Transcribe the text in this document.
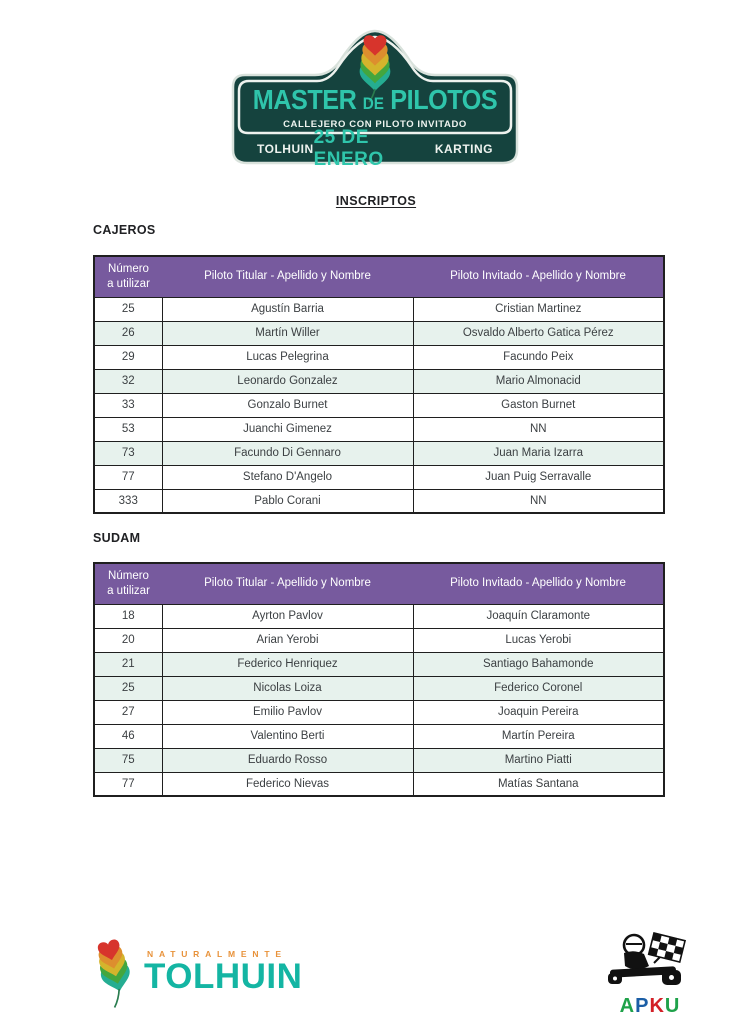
MASTER DE PILOTOS
CALLEJERO CON PILOTO INVITADO
TOLHUIN
25 DE ENERO	KARTING
INSCRIPTOS
CAJEROS
Número a utilizar	Piloto Titular - Apellido y Nombre	Piloto Invitado - Apellido y Nombre
25	Agustín Barria	Cristian Martinez
26	Martín Willer	Osvaldo Alberto Gatica Pérez
29	Lucas Pelegrina	Facundo Peix
32	Leonardo Gonzalez	Mario Almonacid
33	Gonzalo Burnet	Gaston Burnet
53	Juanchi Gimenez	NN
73	Facundo Di Gennaro	Juan Maria Izarra
77	Stefano D'Angelo	Juan Puig Serravalle
333	Pablo Corani	NN
SUDAM
Número a utilizar	Piloto Titular - Apellido y Nombre	Piloto Invitado - Apellido y Nombre
18	Ayrton Pavlov	Joaquín Claramonte
20	Arian Yerobi	Lucas Yerobi
21	Federico Henriquez	Santiago Bahamonde
25	Nicolas Loiza	Federico Coronel
27	Emilio Pavlov	Joaquin Pereira
46	Valentino Berti	Martín Pereira
75	Eduardo Rosso	Martino Piatti
77	Federico Nievas	Matías Santana
NATURALMENTE
TOLHUIN
APKU
